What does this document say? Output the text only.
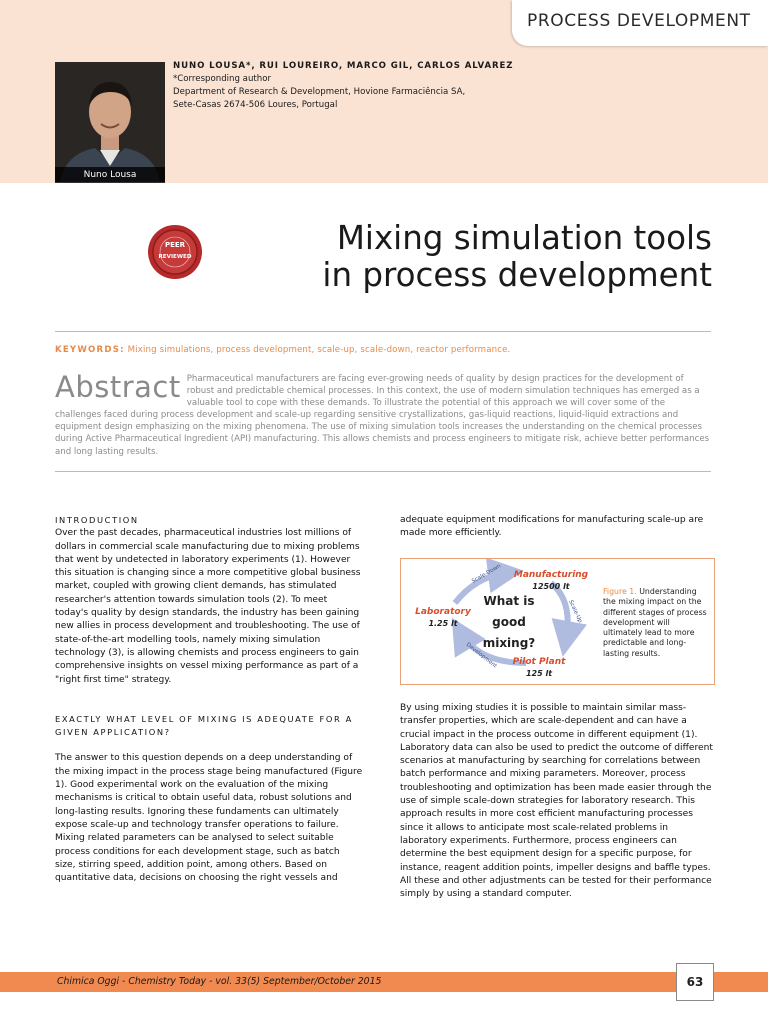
PROCESS DEVELOPMENT
Nuno Lousa
NUNO LOUSA*, RUI LOUREIRO, MARCO GIL, CARLOS ALVAREZ
*Corresponding author
Department of Research & Development, Hovione Farmaciência SA,
Sete-Casas 2674-506 Loures, Portugal
PEER
REVIEWED	Mixing simulation tools
in process development
KEYWORDS: Mixing simulations, process development, scale-up, scale-down, reactor performance.

Abstract Pharmaceutical manufacturers are facing ever-growing needs of quality by design practices for the development of robust and predictable chemical processes. In this context, the use of modern simulation techniques has emerged as a valuable tool to cope with these demands. To illustrate the potential of this approach we will cover some of the challenges faced during process development and scale-up regarding sensitive crystallizations, gas-liquid reactions, liquid-liquid extractions and equipment design emphasizing on the mixing phenomena. The use of mixing simulation tools increases the understanding on the chemical processes during Active Pharmaceutical Ingredient (API) manufacturing. This allows chemists and process engineers to mitigate risk, achieve better performances and long lasting results.

INTRODUCTION

Over the past decades, pharmaceutical industries lost millions of dollars in commercial scale manufacturing due to mixing problems that went by undetected in laboratory experiments (1). However this situation is changing since a more competitive global business market, coupled with growing client demands, has stimulated researcher's attention towards simulation tools (2). To meet today's quality by design standards, the industry has been gaining new allies in process development and troubleshooting. The use of state-of-the-art modelling tools, namely mixing simulation technology (3), is allowing chemists and process engineers to gain comprehensive insights on vessel mixing performance as part of a "right first time" strategy.

EXACTLY WHAT LEVEL OF MIXING IS ADEQUATE FOR A GIVEN APPLICATION?

The answer to this question depends on a deep understanding of the mixing impact in the process stage being manufactured (Figure 1). Good experimental work on the evaluation of the mixing mechanisms is critical to obtain useful data, robust solutions and long-lasting results. Ignoring these fundaments can ultimately expose scale-up and technology transfer operations to failure. Mixing related parameters can be analysed to select suitable process conditions for each development stage, such as batch size, stirring speed, addition point, among others. Based on quantitative data, decisions on choosing the right vessels and

adequate equipment modifications for manufacturing scale-up are made more efficiently.

Scale-Down
Scale-Up
Development
What is
good
mixing?
Manufacturing
12500 lt
Laboratory
1.25 lt
Pilot Plant
125 lt
Figure 1. Understanding the mixing impact on the different stages of process development will ultimately lead to more predictable and long-lasting results.

By using mixing studies it is possible to maintain similar mass-transfer properties, which are scale-dependent and can have a crucial impact in the process outcome in different equipment (1). Laboratory data can also be used to predict the outcome of different scenarios at manufacturing by searching for correlations between batch performance and mixing parameters. Moreover, process troubleshooting and optimization has been made easier through the use of simple scale-down strategies for laboratory research. This approach results in more cost efficient manufacturing processes since it allows to anticipate most scale-related problems in laboratory experiments. Furthermore, process engineers can determine the best equipment design for a specific purpose, for instance, reagent addition points, impeller designs and baffle types. All these and other adjustments can be tested for their performance simply by using a standard computer.

Chimica Oggi - Chemistry Today - vol. 33(5) September/October 2015	63
